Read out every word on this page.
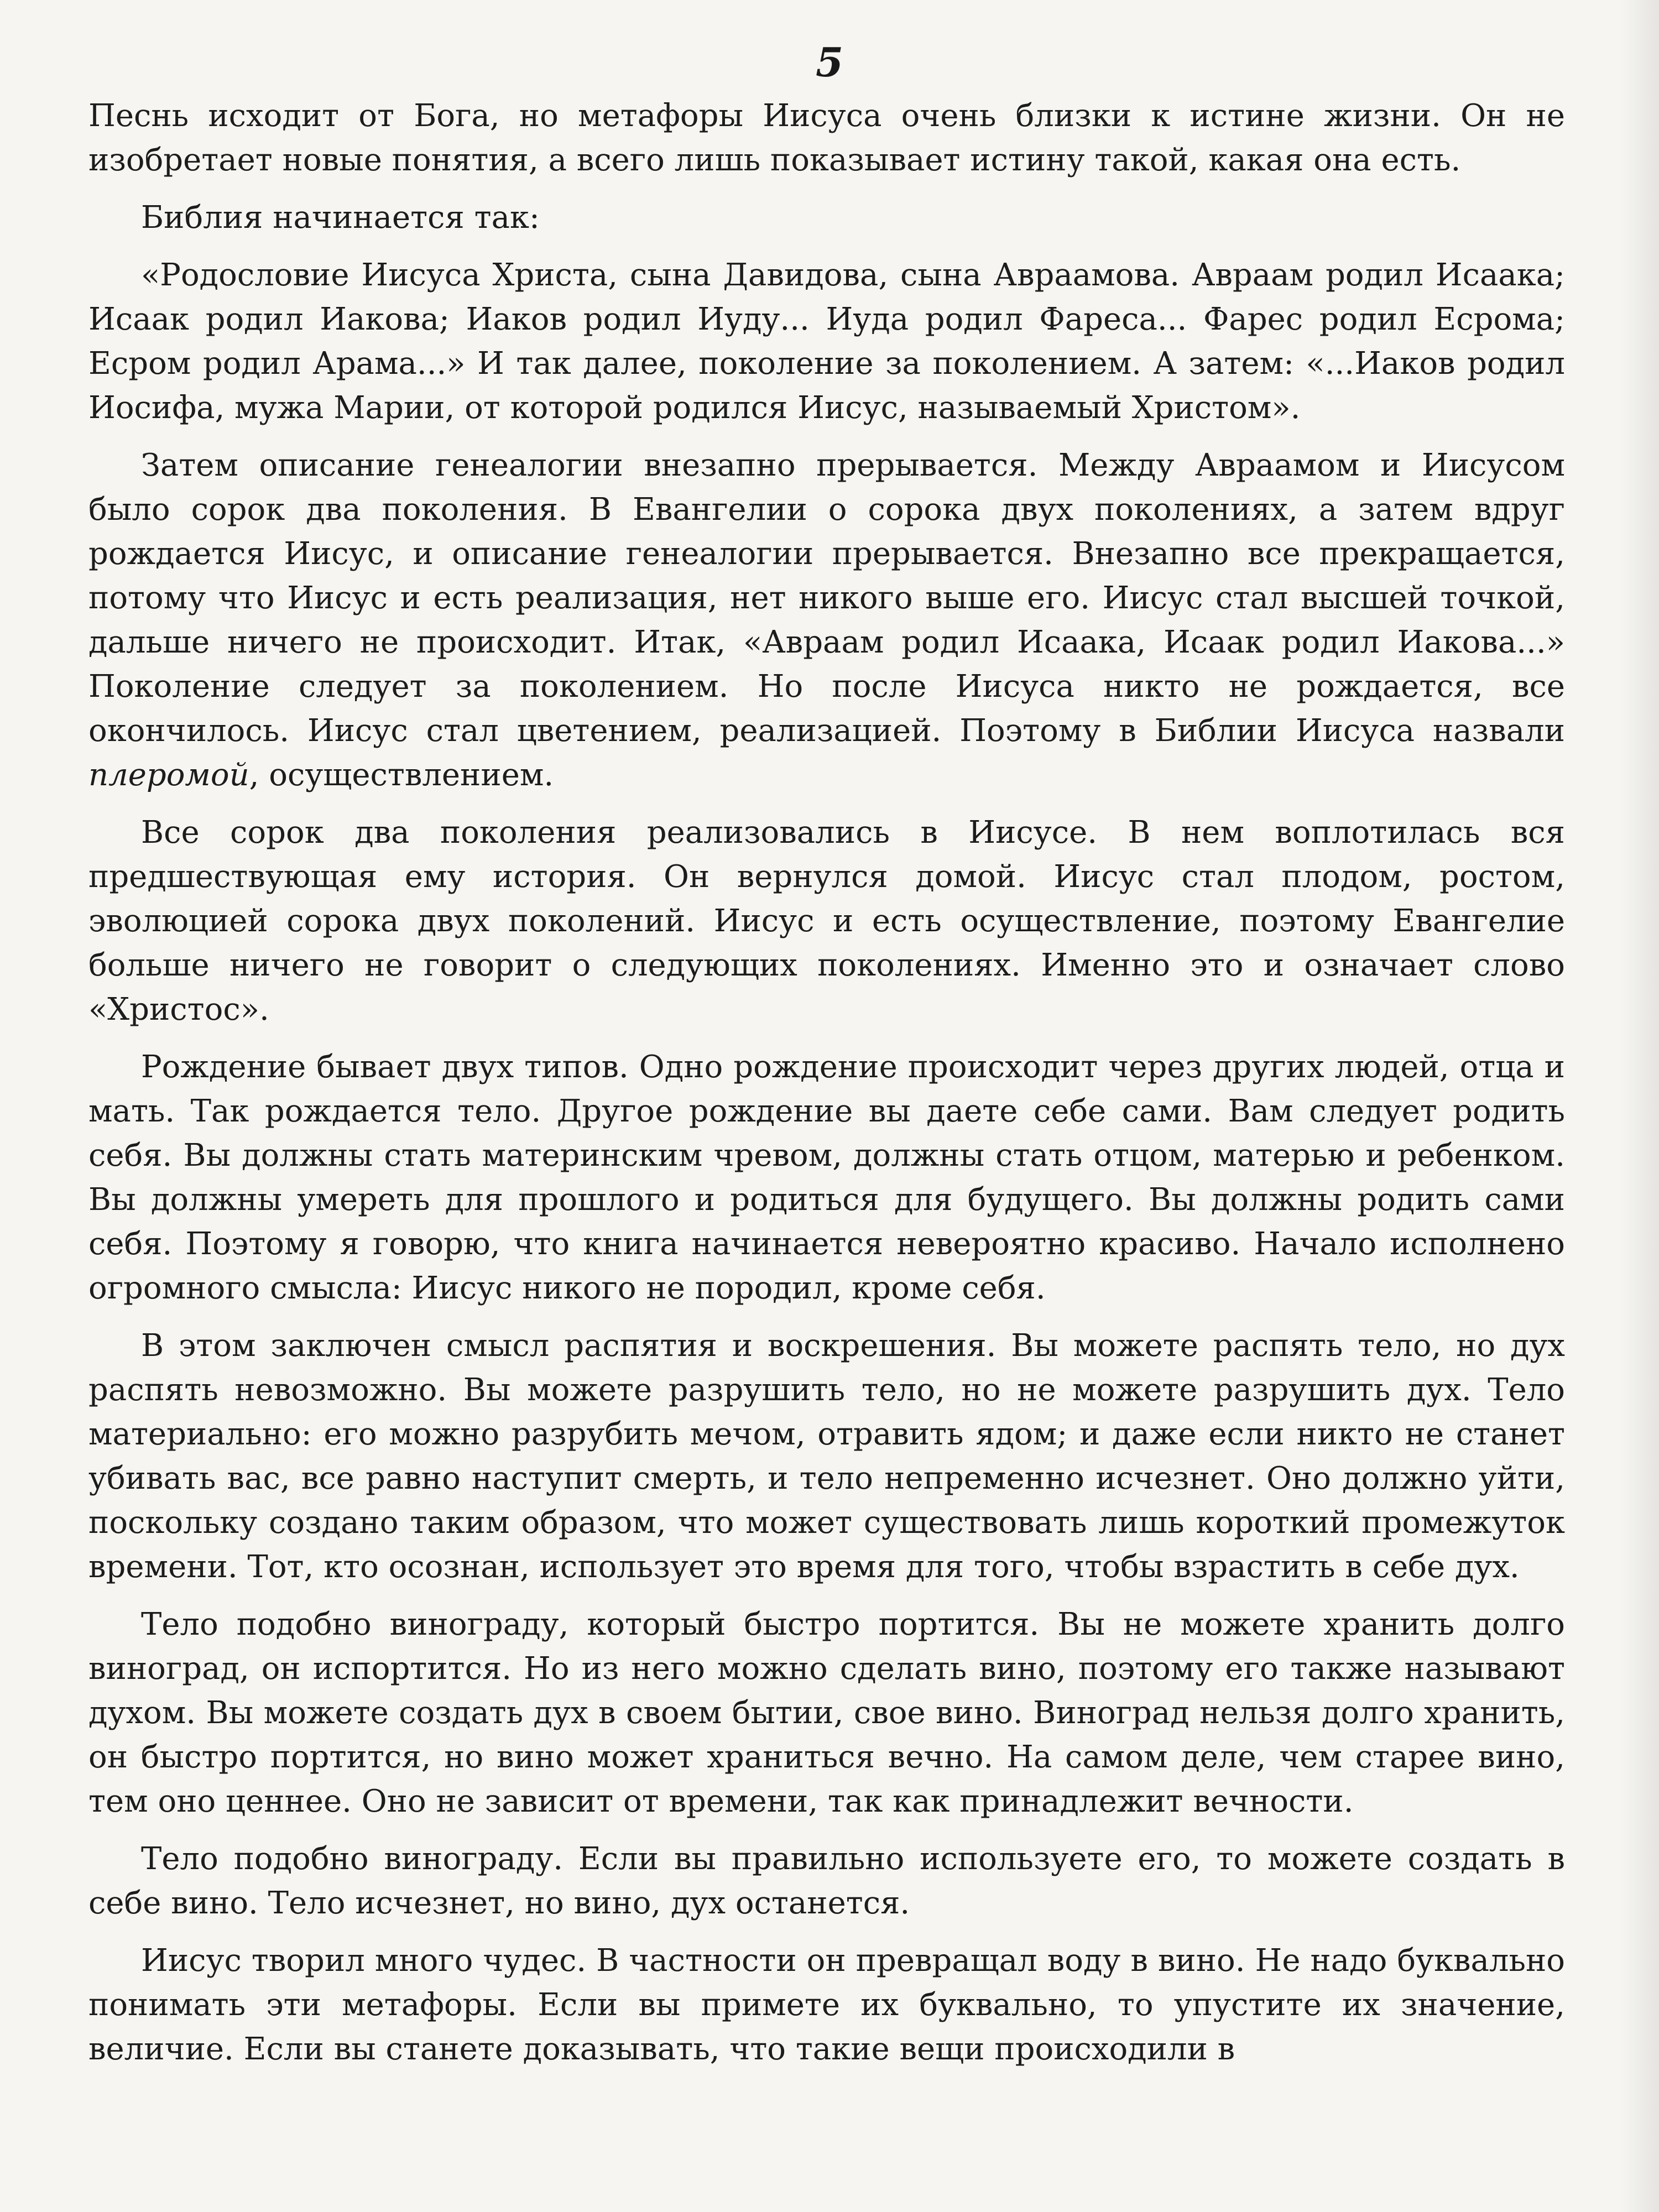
5

Песнь исходит от Бога, но метафоры Иисуса очень близки к истине жизни. Он не изобретает новые понятия, а всего лишь показывает истину такой, какая она есть.

Библия начинается так:

«Родословие Иисуса Христа, сына Давидова, сына Авраамова. Авраам родил Исаака; Исаак родил Иакова; Иаков родил Иуду... Иуда родил Фареса... Фарес родил Есрома; Есром родил Арама...» И так далее, поколение за поколением. А затем: «...Иаков родил Иосифа, мужа Марии, от которой родился Иисус, называемый Христом».

Затем описание генеалогии внезапно прерывается. Между Авраамом и Иисусом было сорок два поколения. В Евангелии о сорока двух поколениях, а затем вдруг рождается Иисус, и описание генеалогии прерывается. Внезапно все прекращается, потому что Иисус и есть реализация, нет никого выше его. Иисус стал высшей точкой, дальше ничего не происходит. Итак, «Авраам родил Исаака, Исаак родил Иакова...» Поколение следует за поколением. Но после Иисуса никто не рождается, все окончилось. Иисус стал цветением, реализацией. Поэтому в Библии Иисуса назвали плеромой, осуществлением.

Все сорок два поколения реализовались в Иисусе. В нем воплотилась вся предшествующая ему история. Он вернулся домой. Иисус стал плодом, ростом, эволюцией сорока двух поколений. Иисус и есть осуществление, поэтому Евангелие больше ничего не говорит о следующих поколениях. Именно это и означает слово «Христос».

Рождение бывает двух типов. Одно рождение происходит через других людей, отца и мать. Так рождается тело. Другое рождение вы даете себе сами. Вам следует родить себя. Вы должны стать материнским чревом, должны стать отцом, матерью и ребенком. Вы должны умереть для прошлого и родиться для будущего. Вы должны родить сами себя. Поэтому я говорю, что книга начинается невероятно красиво. Начало исполнено огромного смысла: Иисус никого не породил, кроме себя.

В этом заключен смысл распятия и воскрешения. Вы можете распять тело, но дух распять невозможно. Вы можете разрушить тело, но не можете разрушить дух. Тело материально: его можно разрубить мечом, отравить ядом; и даже если никто не станет убивать вас, все равно наступит смерть, и тело непременно исчезнет. Оно должно уйти, поскольку создано таким образом, что может существовать лишь короткий промежуток времени. Тот, кто осознан, использует это время для того, чтобы взрастить в себе дух.

Тело подобно винограду, который быстро портится. Вы не можете хранить долго виноград, он испортится. Но из него можно сделать вино, поэтому его также называют духом. Вы можете создать дух в своем бытии, свое вино. Виноград нельзя долго хранить, он быстро портится, но вино может храниться вечно. На самом деле, чем старее вино, тем оно ценнее. Оно не зависит от времени, так как принадлежит вечности.

Тело подобно винограду. Если вы правильно используете его, то можете создать в себе вино. Тело исчезнет, но вино, дух останется.

Иисус творил много чудес. В частности он превращал воду в вино. Не надо буквально понимать эти метафоры. Если вы примете их буквально, то упустите их значение, величие. Если вы станете доказывать, что такие вещи происходили в
